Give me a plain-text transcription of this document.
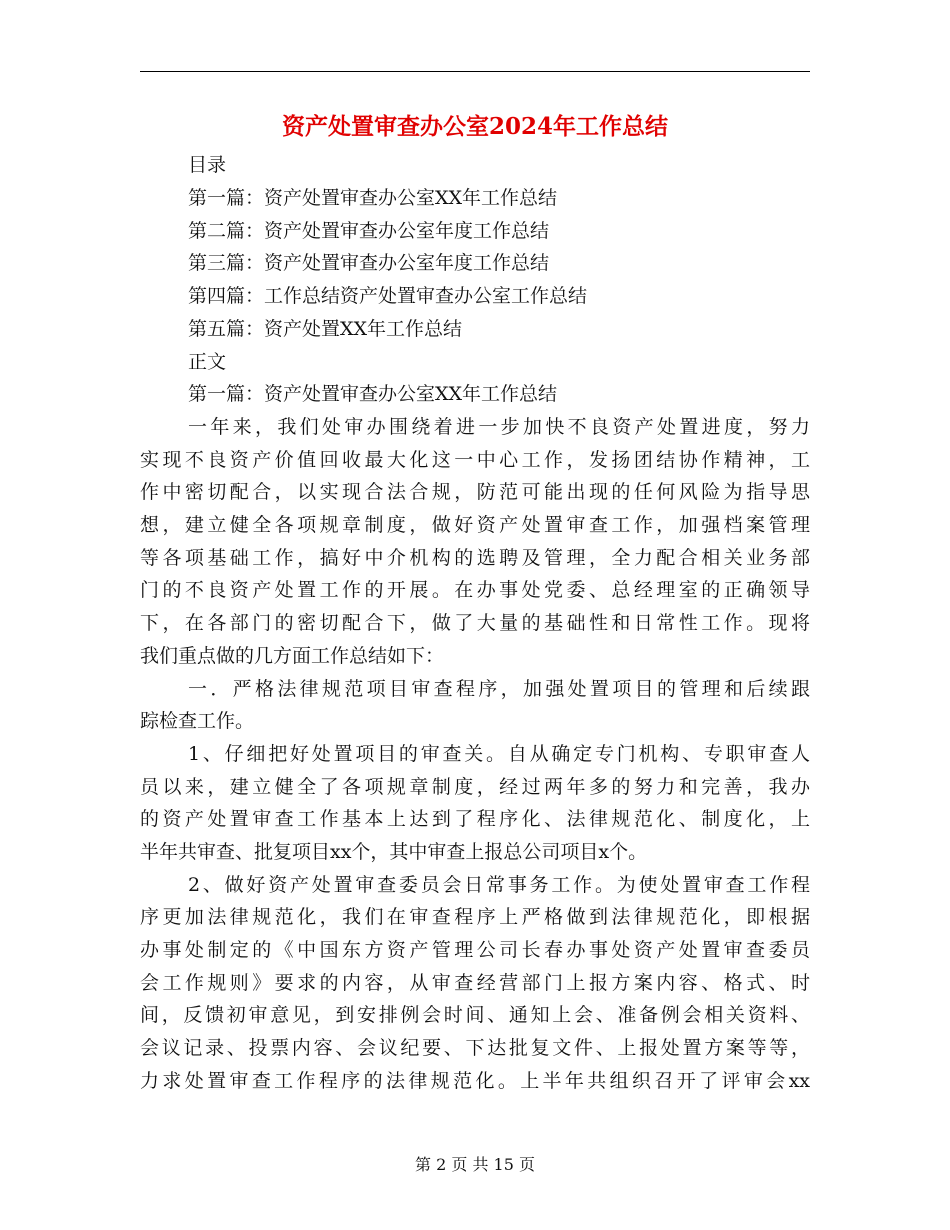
资产处置审查办公室2024年工作总结
目录
第一篇：资产处置审查办公室XX年工作总结
第二篇：资产处置审查办公室年度工作总结
第三篇：资产处置审查办公室年度工作总结
第四篇：工作总结资产处置审查办公室工作总结
第五篇：资产处置XX年工作总结
正文
第一篇：资产处置审查办公室XX年工作总结
一年来，我们处审办围绕着进一步加快不良资产处置进度，努力
实现不良资产价值回收最大化这一中心工作，发扬团结协作精神，工
作中密切配合，以实现合法合规，防范可能出现的任何风险为指导思
想，建立健全各项规章制度，做好资产处置审查工作，加强档案管理
等各项基础工作，搞好中介机构的选聘及管理，全力配合相关业务部
门的不良资产处置工作的开展。在办事处党委、总经理室的正确领导
下，在各部门的密切配合下，做了大量的基础性和日常性工作。现将
我们重点做的几方面工作总结如下：
一．严格法律规范项目审查程序，加强处置项目的管理和后续跟
踪检查工作。
1、仔细把好处置项目的审查关。自从确定专门机构、专职审查人
员以来，建立健全了各项规章制度，经过两年多的努力和完善，我办
的资产处置审查工作基本上达到了程序化、法律规范化、制度化，上
半年共审查、批复项目xx个，其中审查上报总公司项目x个。
2、做好资产处置审查委员会日常事务工作。为使处置审查工作程
序更加法律规范化，我们在审查程序上严格做到法律规范化，即根据
办事处制定的《中国东方资产管理公司长春办事处资产处置审查委员
会工作规则》要求的内容，从审查经营部门上报方案内容、格式、时
间，反馈初审意见，到安排例会时间、通知上会、准备例会相关资料、
会议记录、投票内容、会议纪要、下达批复文件、上报处置方案等等，
力求处置审查工作程序的法律规范化。上半年共组织召开了评审会xx
第 2 页 共 15 页
